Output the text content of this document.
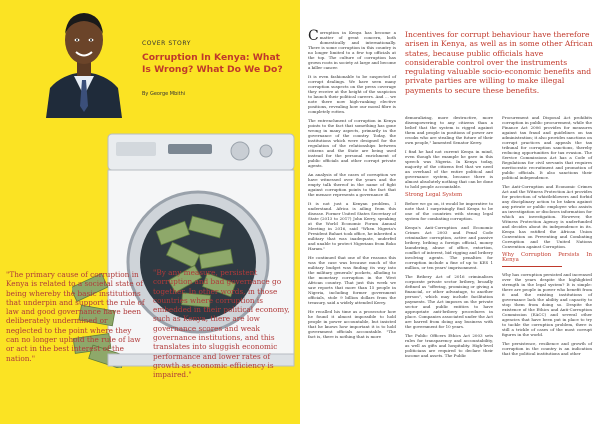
COVER STORY
Corruption In Kenya: What Is Wrong? What Do We Do?
By George Mbithi
"The primary cause of corruption in Kenya is related to a societal state of being whereby the basic institutions that underpin and support the rule of law and good governance have been deliberately undermined or neglected to the point where they can no longer uphold the rule of law or act in the best interest of the nation."
"By any measure, persistent corruption and bad governance go together. In other words, in those countries where corruption is embedded in their political economy, such as Kenya, there are low governance scores and weak governance institutions, and this translates into sluggish economic performance and lower rates of growth as economic efficiency is impaired."

Corruption in Kenya has become a matter of great concern, both domestically and internationally. There is some corruption in this country is no longer limited to a few top officials at the top. The culture of corruption has grown roots in society at large and become a killer cancer.

It is even fashionable to be suspected of corrupt dealings. We have seen many corruption suspects on the press coverage they receive at the height of the suspicion to launch their political careers. And ... we note there now high-ranking elective positions, revealing how our moral fibre is completely rotten.

The entrenchment of corruption in Kenya points to the fact that something has gone wrong in many aspects, primarily in the governance of the country. Today, the institutions which were designed for the regulation of the relationships between citizens and the State are being used instead for the personal enrichment of public officials and other corrupt private agents.

An analysis of the cases of corruption we have witnessed over the years and the empty talk thereof in the name of fight against corruption points to the fact that the menace represents a governance ill.

It is not just a Kenyan problem, I understand. Africa is ailing from this disease. Former United States Secretary of State (2013 to 2017) John Kerry, speaking at the World Economic Forum Annual Meeting in 2016, said "When Nigeria's President Buhari took office, he inherited a military that was inadequate, underfed and unable to protect Nigerians from Boko Haram."

He continued that one of the reasons this was the case was because much of the military budget was finding its way into the military generals' pockets, alluding to the monetary corruption in the West African country. That just this week we saw reports that more than 15 people in Nigeria, including former government officials, stole 9 billion dollars from the treasury, said a widely attended Kerry.

He recalled his time as a prosecutor how he found it almost impossible to hold people in power accountable, but insisted that he knows how important it is to hold government officials accountable. "The fact is, there is nothing that is more

Incentives for corrupt behaviour have therefore arisen in Kenya, as well as in some other African states, because public officials have considerable control over the instruments regulating valuable socio-economic benefits and private parties are willing to make illegal payments to secure these benefits.

demoralizing, more destructive, more disempowering to any citizens than a belief that the system is rigged against them and people in positions of power are crooks who are stealing the future of their own people," lamented Senator Kerry.

I find he had not current Kenya in mind, even though the example he gave in this speech was Nigeria. In Kenya today, majority of the citizens feel that we need an overhaul of the entire political and governance system, because there is almost absolutely nothing that can be done to hold people accountable.

Strong Legal System

Before we go on, it would be imperative to note that I surprisingly find Kenya to be one of the countries with strong legal system for combating corruption.

Kenya's Anti-Corruption and Economic Crimes Act 2003 and Penal Code criminalize corruption, active and passive bribery, bribing a foreign official, money laundering, abuse of office, extortion, conflict of interest, bid rigging and bribery involving agents. The penalties for corruption include a fine of up to KES 1 million, or ten years' imprisonment.

The Bribery Act of 2016 criminalises corporate private sector bribery, broadly defined as "offering, promising or giving a financial, or other advantage, to another person", which may include facilitation payments. The Act imposes on the private sector and public entities to have appropriate anti-bribery procedures in place. Companies associated under the Act are barred from doing any business with the government for 10 years.

The Public Officers Ethics Act 2003 sets rules for transparency and accountability, as well as gifts and hospitality. High-level politicians are required to declare their income and assets. The Public

Procurement and Disposal Act prohibits corruption in public procurement, while the Finance Act 2006 provides for measures against tax fraud and guidelines on tax administration; it also provides sanctions on corrupt practices and appeals the tax tribunal for corruption sanctions, thereby reducing opportunities for tax evasion. The Service Commissions Act has a Code of Regulations for civil servants that requires meritocratic recruitment and promotion of public officials. It also sanctions their political independence.

The Anti-Corruption and Economic Crimes Act and the Witness Protection Act provides for protection of whistleblowers and forbid any disciplinary action to be taken against any private or public employee who assists an investigation or discloses information for which an investigation. However, the Witness Protection Agency is underfunded and decides about its independence in its. Kenya has ratified the African Union Convention on Preventing and Combating Corruption and the United Nations Convention against Corruption.

Why Corruption Persists In Kenya

Why has corruption persisted and increased over the years despite the highlighted strength in the legal system? It is simple: there are people in power who benefit from it and the existing institutions of governance lack the ability and capacity to stop them from doing so. Despite the existence of the Ethics and Anti-Corruption Commission (EACC) and several other agencies that have been put in place to try to tackle the corruption problem, there is still a trickle of cases of the most corrupt figures in the world.

The persistence, resilience and growth of corruption in the country is an indication that the political institutions and other
